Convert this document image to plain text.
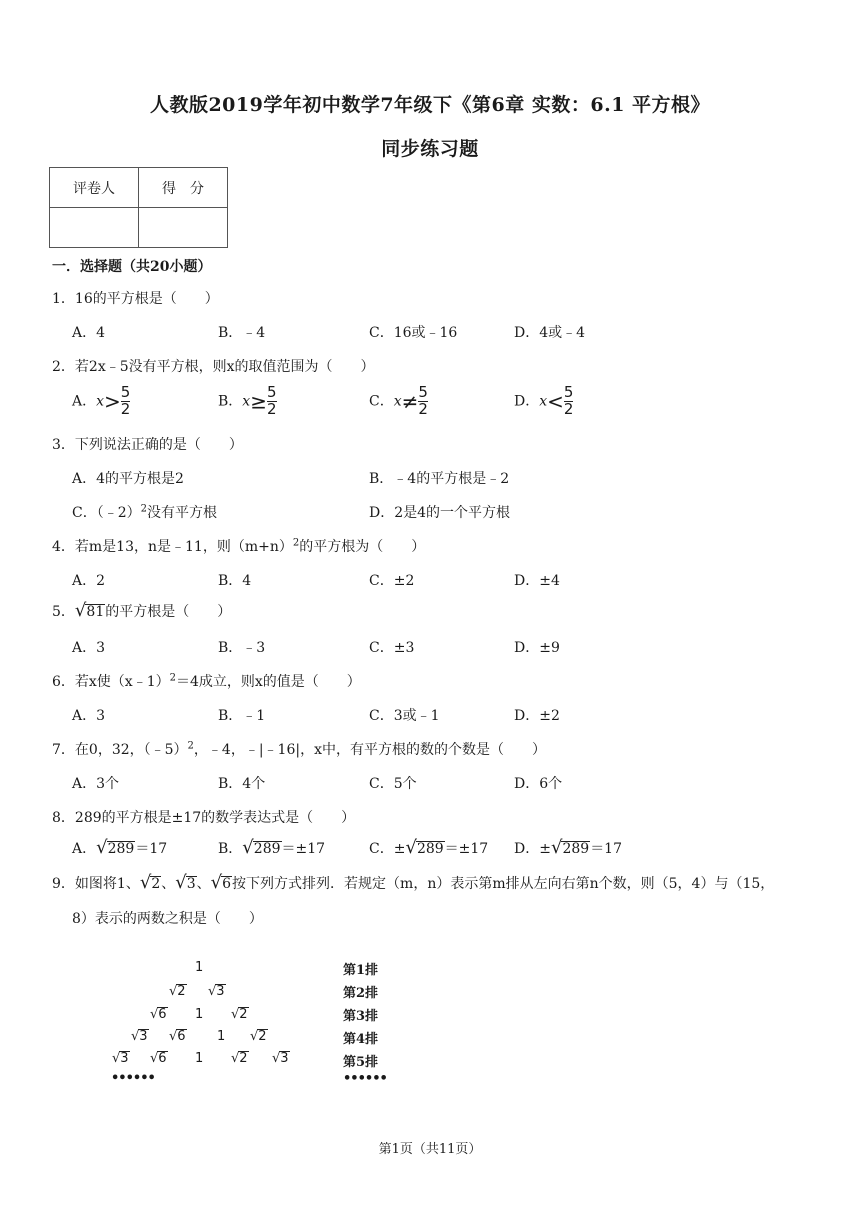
人教版2019学年初中数学7年级下《第6章 实数：6.1 平方根》
同步练习题
评卷人	得　分

一．选择题（共20小题）
1．16的平方根是（　　）
A．4	B．﹣4	C．16或﹣16	D．4或﹣4
2．若2x﹣5没有平方根，则x的取值范围为（　　）
A．$x> \frac{5}{2}$	B．$x\ge \frac{5}{2}$	C．$x\ne \frac{5}{2}$	D．$x< \frac{5}{2}$
3．下列说法正确的是（　　）
A．4的平方根是2	B．﹣4的平方根是﹣2
C．（﹣2）$^2$没有平方根	D．2是4的一个平方根
4．若m是13，n是﹣11，则$(m+n)^2$的平方根为（　　）
A．2	B．4	C．±2	D．±4
5．√81的平方根是（　　）
A．3	B．﹣3	C．±3	D．±9
6．若x使（x﹣1）$^2$＝4成立，则x的值是（　　）
A．3	B．﹣1	C．3或﹣1	D．±2
7．在0，32，（﹣5）$^2$，﹣4，﹣|﹣16|，x中，有平方根的数的个数是（　　）
A．3个	B．4个	C．5个	D．6个
8．289的平方根是±17的数学表达式是（　　）
A．√289＝17	B．√289＝±17	C．±√289＝±17 D．±√289＝17
9．如图将1、√2、√3、√6按下列方式排列．若规定（m，n）表示第m排从左向右第n个数，则（5，4）与（15，
8）表示的两数之积是（　　）
1
√2 √3
√6 1 √2
√3 √6 1 √2
√3 √6 1 √2 √3
••••••
第1排
第2排
第3排
第4排
第5排
••••••
第1页（共11页）
